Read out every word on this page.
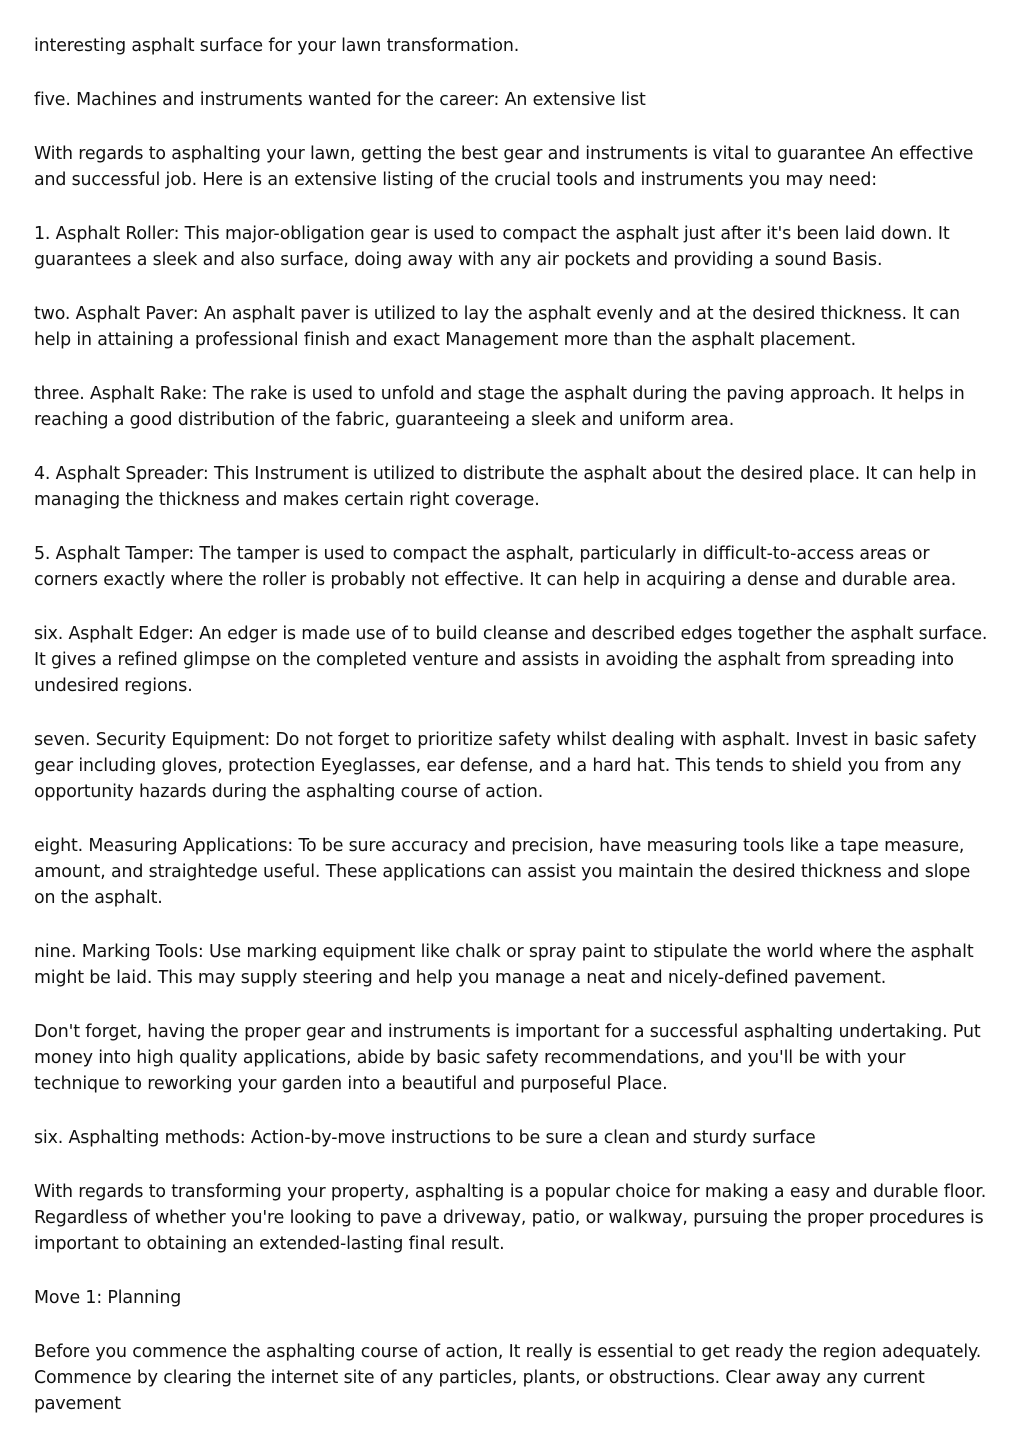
interesting asphalt surface for your lawn transformation.

five. Machines and instruments wanted for the career: An extensive list

With regards to asphalting your lawn, getting the best gear and instruments is vital to guarantee An effective and successful job. Here is an extensive listing of the crucial tools and instruments you may need:

1. Asphalt Roller: This major-obligation gear is used to compact the asphalt just after it's been laid down. It guarantees a sleek and also surface, doing away with any air pockets and providing a sound Basis.

two. Asphalt Paver: An asphalt paver is utilized to lay the asphalt evenly and at the desired thickness. It can help in attaining a professional finish and exact Management more than the asphalt placement.

three. Asphalt Rake: The rake is used to unfold and stage the asphalt during the paving approach. It helps in reaching a good distribution of the fabric, guaranteeing a sleek and uniform area.

4. Asphalt Spreader: This Instrument is utilized to distribute the asphalt about the desired place. It can help in managing the thickness and makes certain right coverage.

5. Asphalt Tamper: The tamper is used to compact the asphalt, particularly in difficult-to-access areas or corners exactly where the roller is probably not effective. It can help in acquiring a dense and durable area.

six. Asphalt Edger: An edger is made use of to build cleanse and described edges together the asphalt surface. It gives a refined glimpse on the completed venture and assists in avoiding the asphalt from spreading into undesired regions.

seven. Security Equipment: Do not forget to prioritize safety whilst dealing with asphalt. Invest in basic safety gear including gloves, protection Eyeglasses, ear defense, and a hard hat. This tends to shield you from any opportunity hazards during the asphalting course of action.

eight. Measuring Applications: To be sure accuracy and precision, have measuring tools like a tape measure, amount, and straightedge useful. These applications can assist you maintain the desired thickness and slope on the asphalt.

nine. Marking Tools: Use marking equipment like chalk or spray paint to stipulate the world where the asphalt might be laid. This may supply steering and help you manage a neat and nicely-defined pavement.

Don't forget, having the proper gear and instruments is important for a successful asphalting undertaking. Put money into high quality applications, abide by basic safety recommendations, and you'll be with your technique to reworking your garden into a beautiful and purposeful Place.

six. Asphalting methods: Action-by-move instructions to be sure a clean and sturdy surface

With regards to transforming your property, asphalting is a popular choice for making a easy and durable floor. Regardless of whether you're looking to pave a driveway, patio, or walkway, pursuing the proper procedures is important to obtaining an extended-lasting final result.

Move 1: Planning

Before you commence the asphalting course of action, It really is essential to get ready the region adequately. Commence by clearing the internet site of any particles, plants, or obstructions. Clear away any current pavement
